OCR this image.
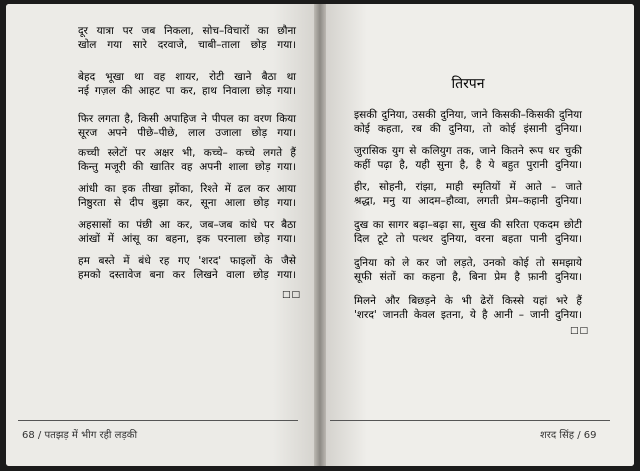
दूर यात्रा पर जब निकला, सोच–विचारों का छौना
खोल गया सारे दरवाजे, चाबी–ताला छोड़ गया।
बेहद भूखा था वह शायर, रोटी खाने बैठा था
नई गज़ल की आहट पा कर, हाथ निवाला छोड़ गया।
फिर लगता है, किसी अपाहिज ने पीपल का वरण किया
सूरज अपने पीछे–पीछे, लाल उजाला छोड़ गया।
कच्ची स्लेटों पर अक्षर भी, कच्चे– कच्चे लगते हैं
किन्तु मजूरी की खातिर वह अपनी शाला छोड़ गया।
आंधी का इक तीखा झोंका, रिश्ते में ढल कर आया
निष्ठुरता से दीप बुझा कर, सूना आला छोड़ गया।
अहसासों का पंछी आ कर, जब–जब कांधे पर बैठा
आंखों में आंसू का बहना, इक परनाला छोड़ गया।
हम बस्ते में बंधे रह गए 'शरद' फाइलों के जैसे
हमको दस्तावेज बना कर लिखने वाला छोड़ गया।
□□
68 / पतझड़ में भीग रही लड़की
तिरपन
इसकी दुनिया, उसकी दुनिया, जाने किसकी–किसकी दुनिया
कोई कहता, रब की दुनिया, तो कोई इंसानी दुनिया।
जुरासिक युग से कलियुग तक, जाने कितने रूप धर चुकी
कहीं पढ़ा है, यही सुना है, है ये बहुत पुरानी दुनिया।
हीर, सोहनी, रांझा, माही स्मृतियों में आते – जाते
श्रद्धा, मनु या आदम–हौव्वा, लगती प्रेम–कहानी दुनिया।
दुख का सागर बढ़ा–बढ़ा सा, सुख की सरिता एकदम छोटी
दिल टूटे तो पत्थर दुनिया, वरना बहता पानी दुनिया।
दुनिया को ले कर जो लड़ते, उनको कोई तो समझाये
सूफी संतों का कहना है, बिना प्रेम है फ़ानी दुनिया।
मिलने और बिछड़ने के भी ढेरों किस्से यहां भरे हैं
'शरद' जानती केवल इतना, ये है आनी – जानी दुनिया।
□□
शरद सिंह / 69
